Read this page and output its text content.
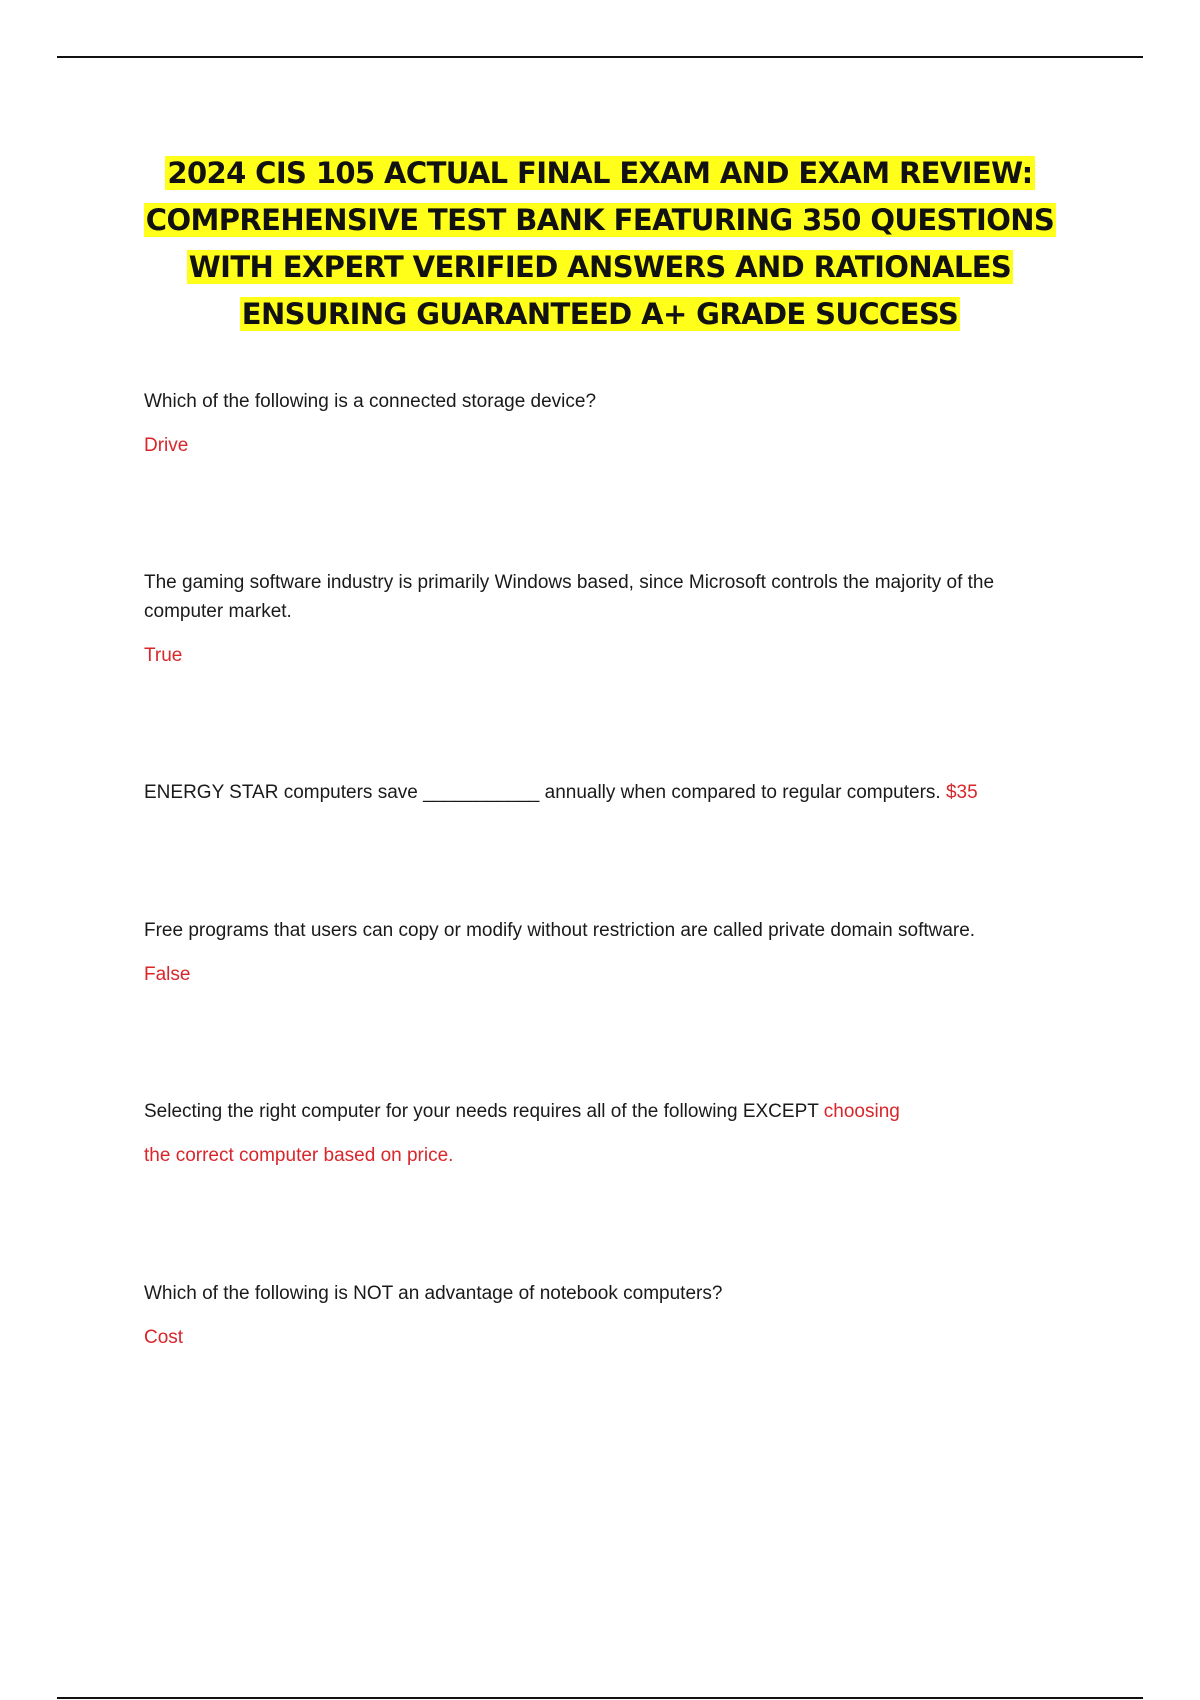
2024 CIS 105 ACTUAL FINAL EXAM AND EXAM REVIEW:
COMPREHENSIVE TEST BANK FEATURING 350 QUESTIONS
WITH EXPERT VERIFIED ANSWERS AND RATIONALES
ENSURING GUARANTEED A+ GRADE SUCCESS
Which of the following is a connected storage device?
Drive
The gaming software industry is primarily Windows based, since Microsoft controls the majority of the computer market.
True
ENERGY STAR computers save ___________ annually when compared to regular computers. $35
Free programs that users can copy or modify without restriction are called private domain software.
False
Selecting the right computer for your needs requires all of the following EXCEPT choosing
the correct computer based on price.
Which of the following is NOT an advantage of notebook computers?
Cost
